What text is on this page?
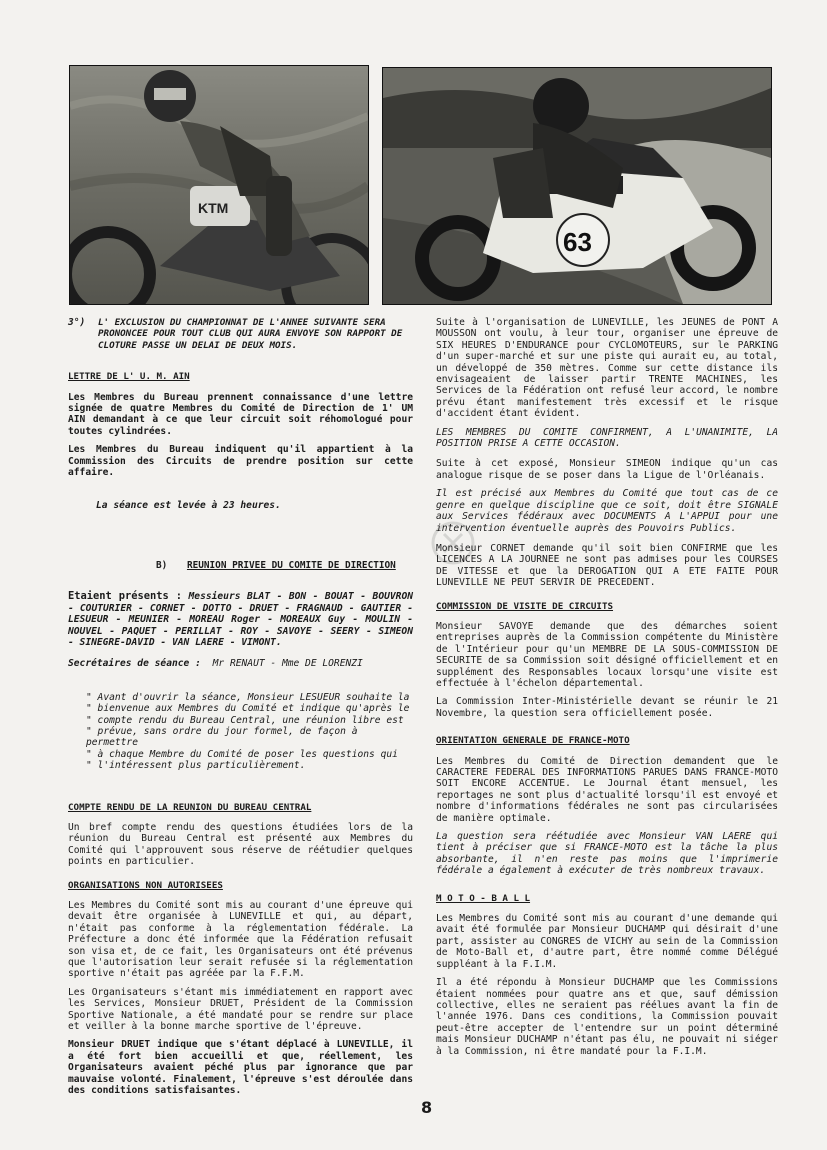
KTM
63
3°)	L' EXCLUSION DU CHAMPIONNAT DE L'ANNEE SUIVANTE SERA PRONONCEE POUR TOUT CLUB QUI AURA ENVOYE SON RAPPORT DE CLOTURE PASSE UN DELAI DE DEUX MOIS.
LETTRE DE L' U. M. AIN

Les Membres du Bureau prennent connaissance d'une lettre signée de quatre Membres du Comité de Direction de 1' UM AIN demandant à ce que leur circuit soit réhomologué pour toutes cylindrées.

Les Membres du Bureau indiquent qu'il appartient à la Commission des Circuits de prendre position sur cette affaire.

La séance est levée à 23 heures.
B) REUNION PRIVEE DU COMITE DE DIRECTION

Etaient présents : Messieurs BLAT - BON - BOUAT - BOUVRON - COUTURIER - CORNET - DOTTO - DRUET - FRAGNAUD - GAUTIER - LESUEUR - MEUNIER - MOREAU Roger - MOREAUX Guy - MOULIN - NOUVEL - PAQUET - PERILLAT - ROY - SAVOYE - SEERY - SIMEON - SINEGRE-DAVID - VAN LAERE - VIMONT.

Secrétaires de séance : Mr RENAUT - Mme DE LORENZI

" Avant d'ouvrir la séance, Monsieur LESUEUR souhaite la
" bienvenue aux Membres du Comité et indique qu'après le
" compte rendu du Bureau Central, une réunion libre est
" prévue, sans ordre du jour formel, de façon à permettre
" à chaque Membre du Comité de poser les questions qui
" l'intéressent plus particulièrement.
COMPTE RENDU DE LA REUNION DU BUREAU CENTRAL

Un bref compte rendu des questions étudiées lors de la réunion du Bureau Central est présenté aux Membres du Comité qui l'approuvent sous réserve de réétudier quelques points en particulier.

ORGANISATIONS NON AUTORISEES

Les Membres du Comité sont mis au courant d'une épreuve qui devait être organisée à LUNEVILLE et qui, au départ, n'était pas conforme à la réglementation fédérale. La Préfecture a donc été informée que la Fédération refusait son visa et, de ce fait, les Organisateurs ont été prévenus que l'autorisation leur serait refusée si la réglementation sportive n'était pas agréée par la F.F.M.

Les Organisateurs s'étant mis immédiatement en rapport avec les Services, Monsieur DRUET, Président de la Commission Sportive Nationale, a été mandaté pour se rendre sur place et veiller à la bonne marche sportive de l'épreuve.

Monsieur DRUET indique que s'étant déplacé à LUNEVILLE, il a été fort bien accueilli et que, réellement, les Organisateurs avaient péché plus par ignorance que par mauvaise volonté. Finalement, l'épreuve s'est déroulée dans des conditions satisfaisantes.

Suite à l'organisation de LUNEVILLE, les JEUNES de PONT A MOUSSON ont voulu, à leur tour, organiser une épreuve de SIX HEURES D'ENDURANCE pour CYCLOMOTEURS, sur le PARKING d'un super-marché et sur une piste qui aurait eu, au total, un développé de 350 mètres. Comme sur cette distance ils envisageaient de laisser partir TRENTE MACHINES, les Services de la Fédération ont refusé leur accord, le nombre prévu étant manifestement très excessif et le risque d'accident étant évident.

LES MEMBRES DU COMITE CONFIRMENT, A L'UNANIMITE, LA POSITION PRISE A CETTE OCCASION.

Suite à cet exposé, Monsieur SIMEON indique qu'un cas analogue risque de se poser dans la Ligue de l'Orléanais.

Il est précisé aux Membres du Comité que tout cas de ce genre en quelque discipline que ce soit, doit être SIGNALE aux Services fédéraux avec DOCUMENTS A L'APPUI pour une intervention éventuelle auprès des Pouvoirs Publics.

Monsieur CORNET demande qu'il soit bien CONFIRME que les LICENCES A LA JOURNEE ne sont pas admises pour les COURSES DE VITESSE et que la DEROGATION QUI A ETE FAITE POUR LUNEVILLE NE PEUT SERVIR DE PRECEDENT.

COMMISSION DE VISITE DE CIRCUITS

Monsieur SAVOYE demande que des démarches soient entreprises auprès de la Commission compétente du Ministère de l'Intérieur pour qu'un MEMBRE DE LA SOUS-COMMISSION DE SECURITE de sa Commission soit désigné officiellement et en supplément des Responsables locaux lorsqu'une visite est effectuée à l'échelon départemental.

La Commission Inter-Ministérielle devant se réunir le 21 Novembre, la question sera officiellement posée.

ORIENTATION GENERALE DE FRANCE-MOTO

Les Membres du Comité de Direction demandent que le CARACTERE FEDERAL DES INFORMATIONS PARUES DANS FRANCE-MOTO SOIT ENCORE ACCENTUE. Le Journal étant mensuel, les reportages ne sont plus d'actualité lorsqu'il est envoyé et nombre d'informations fédérales ne sont pas circularisées de manière optimale.

La question sera réétudiée avec Monsieur VAN LAERE qui tient à préciser que si FRANCE-MOTO est la tâche la plus absorbante, il n'en reste pas moins que l'imprimerie fédérale a également à exécuter de très nombreux travaux.

M O T O - B A L L

Les Membres du Comité sont mis au courant d'une demande qui avait été formulée par Monsieur DUCHAMP qui désirait d'une part, assister au CONGRES de VICHY au sein de la Commission de Moto-Ball et, d'autre part, être nommé comme Délégué suppléant à la F.I.M.

Il a été répondu à Monsieur DUCHAMP que les Commissions étaient nommées pour quatre ans et que, sauf démission collective, elles ne seraient pas réélues avant la fin de l'année 1976. Dans ces conditions, la Commission pouvait peut-être accepter de l'entendre sur un point déterminé mais Monsieur DUCHAMP n'étant pas élu, ne pouvait ni siéger à la Commission, ni être mandaté pour la F.I.M.

8
